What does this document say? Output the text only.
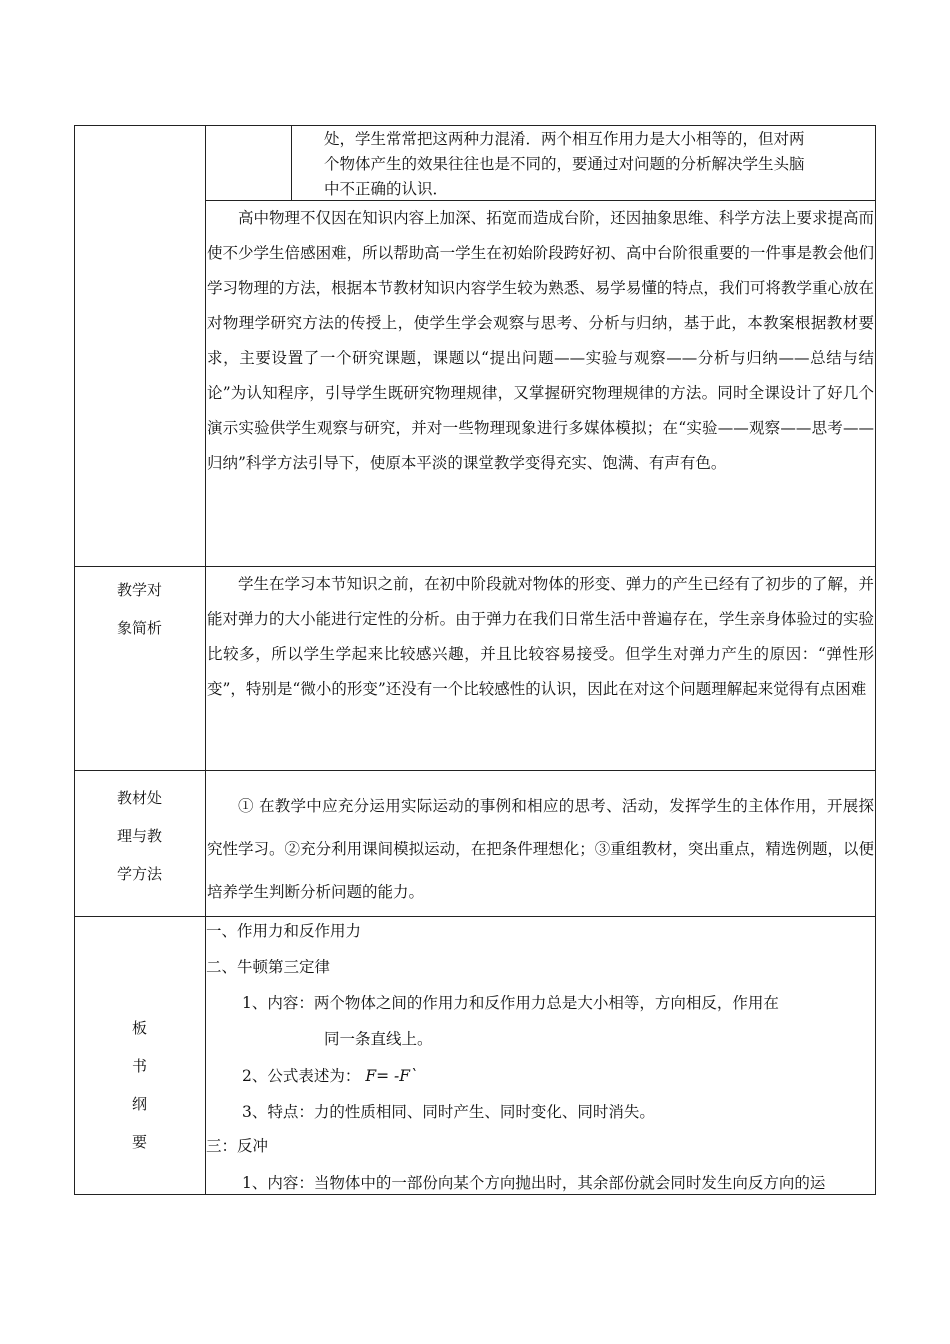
处，学生常常把这两种力混淆．两个相互作用力是大小相等的，但对两
个物体产生的效果往往也是不同的，要通过对问题的分析解决学生头脑
中不正确的认识．

高中物理不仅因在知识内容上加深、拓宽而造成台阶，还因抽象思维、科学方法上要求提高而使不少学生倍感困难，所以帮助高一学生在初始阶段跨好初、高中台阶很重要的一件事是教会他们学习物理的方法，根据本节教材知识内容学生较为熟悉、易学易懂的特点，我们可将教学重心放在对物理学研究方法的传授上，使学生学会观察与思考、分析与归纳，基于此，本教案根据教材要求，主要设置了一个研究课题，课题以“提出问题——实验与观察——分析与归纳——总结与结论”为认知程序，引导学生既研究物理规律，又掌握研究物理规律的方法。同时全课设计了好几个演示实验供学生观察与研究，并对一些物理现象进行多媒体模拟；在“实验——观察——思考——归纳”科学方法引导下，使原本平淡的课堂教学变得充实、饱满、有声有色。

教学对
象简析

学生在学习本节知识之前，在初中阶段就对物体的形变、弹力的产生已经有了初步的了解，并能对弹力的大小能进行定性的分析。由于弹力在我们日常生活中普遍存在，学生亲身体验过的实验比较多，所以学生学起来比较感兴趣，并且比较容易接受。但学生对弹力产生的原因：“弹性形变”，特别是“微小的形变”还没有一个比较感性的认识，因此在对这个问题理解起来觉得有点困难

教材处
理与教
学方法

① 在教学中应充分运用实际运动的事例和相应的思考、活动，发挥学生的主体作用，开展探究性学习。②充分利用课间模拟运动，在把条件理想化；③重组教材，突出重点，精选例题，以便培养学生判断分析问题的能力。

板
书
纲
要
一、作用力和反作用力
二、牛顿第三定律
1、内容：两个物体之间的作用力和反作用力总是大小相等，方向相反，作用在
同一条直线上。
2、公式表述为： F= -F`
3、特点：力的性质相同、同时产生、同时变化、同时消失。
三：反冲
1、内容：当物体中的一部份向某个方向抛出时，其余部份就会同时发生向反方向的运
